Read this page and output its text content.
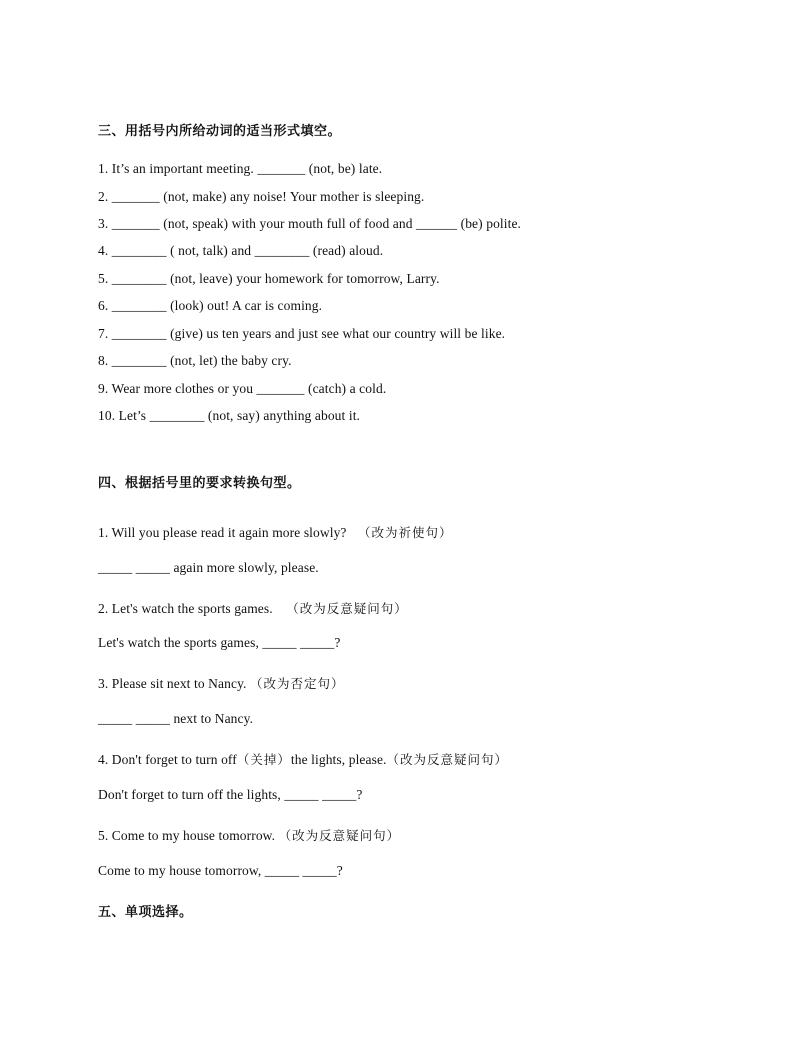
三、用括号内所给动词的适当形式填空。
1. It’s an important meeting. _______ (not, be) late.
2. _______ (not, make) any noise! Your mother is sleeping.
3. _______ (not, speak) with your mouth full of food and ______ (be) polite.
4. ________ ( not, talk) and ________ (read) aloud.
5. ________ (not, leave) your homework for tomorrow, Larry.
6. ________ (look) out! A car is coming.
7. ________ (give) us ten years and just see what our country will be like.
8. ________ (not, let) the baby cry.
9. Wear more clothes or you _______ (catch) a cold.
10. Let’s ________ (not, say) anything about it.
四、根据括号里的要求转换句型。
1. Will you please read it again more slowly? （改为祈使句）
_____ _____ again more slowly, please.
2. Let's watch the sports games. （改为反意疑问句）
Let's watch the sports games, _____ _____?
3. Please sit next to Nancy. （改为否定句）
_____ _____ next to Nancy.
4. Don't forget to turn off（关掉）the lights, please.（改为反意疑问句）
Don't forget to turn off the lights, _____ _____?
5. Come to my house tomorrow. （改为反意疑问句）
Come to my house tomorrow, _____ _____?
五、单项选择。
